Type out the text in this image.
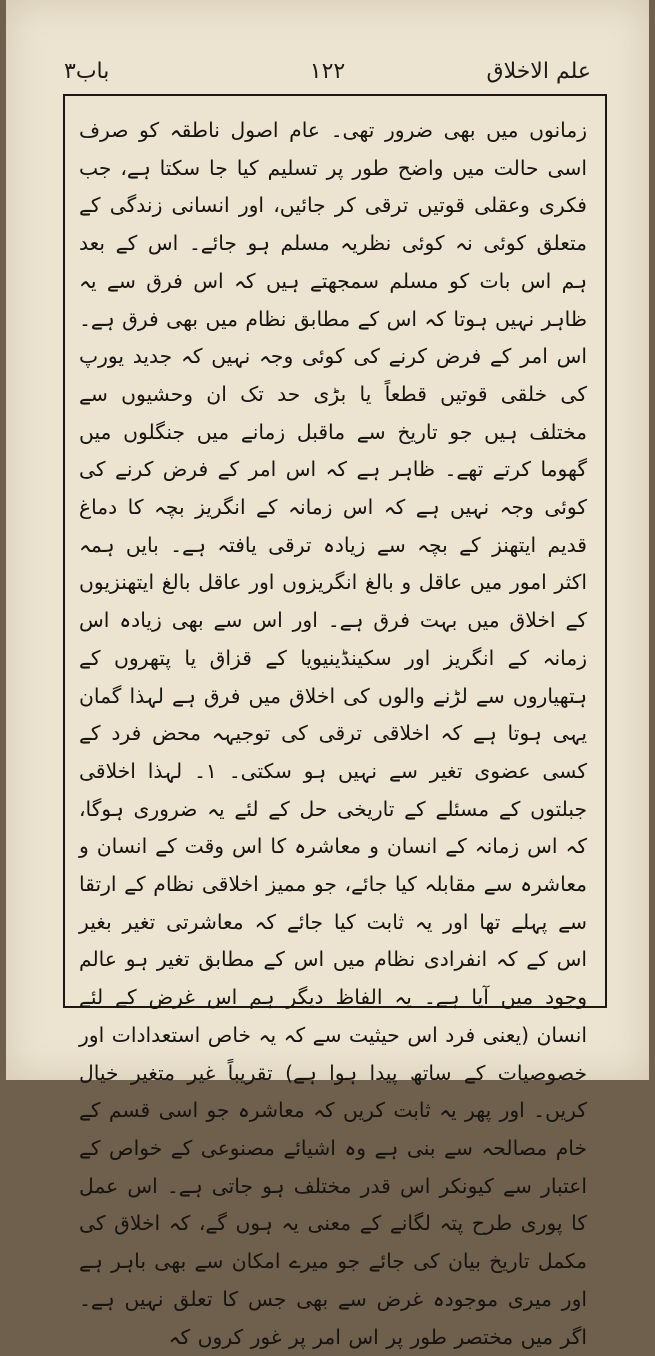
باب۳	۱۲۲	علم الاخلاق

زمانوں میں بھی ضرور تھی۔ عام اصول ناطقہ کو صرف اسی حالت میں واضح طور پر تسلیم کیا جا سکتا ہے، جب فکری وعقلی قوتیں ترقی کر جائیں، اور انسانی زندگی کے متعلق کوئی نہ کوئی نظریہ مسلم ہو جائے۔ اس کے بعد ہم اس بات کو مسلم سمجھتے ہیں کہ اس فرق سے یہ ظاہر نہیں ہوتا کہ اس کے مطابق نظام میں بھی فرق ہے۔ اس امر کے فرض کرنے کی کوئی وجہ نہیں کہ جدید یورپ کی خلقی قوتیں قطعاً یا بڑی حد تک ان وحشیوں سے مختلف ہیں جو تاریخ سے ماقبل زمانے میں جنگلوں میں گھوما کرتے تھے۔ ظاہر ہے کہ اس امر کے فرض کرنے کی کوئی وجہ نہیں ہے کہ اس زمانہ کے انگریز بچہ کا دماغ قدیم ایتھنز کے بچہ سے زیادہ ترقی یافتہ ہے۔ بایں ہمہ اکثر امور میں عاقل و بالغ انگریزوں اور عاقل بالغ ایتھنزیوں کے اخلاق میں بہت فرق ہے۔ اور اس سے بھی زیادہ اس زمانہ کے انگریز اور سکینڈینیویا کے قزاق یا پتھروں کے ہتھیاروں سے لڑنے والوں کی اخلاق میں فرق ہے لہذا گمان یہی ہوتا ہے کہ اخلاقی ترقی کی توجیہہ محض فرد کے کسی عضوی تغیر سے نہیں ہو سکتی۔ ۱۔ لہذا اخلاقی جبلتوں کے مسئلے کے تاریخی حل کے لئے یہ ضروری ہوگا، کہ اس زمانہ کے انسان و معاشرہ کا اس وقت کے انسان و معاشرہ سے مقابلہ کیا جائے، جو ممیز اخلاقی نظام کے ارتقا سے پہلے تھا اور یہ ثابت کیا جائے کہ معاشرتی تغیر بغیر اس کے کہ انفرادی نظام میں اس کے مطابق تغیر ہو عالم وجود میں آیا ہے۔ یہ الفاظ دیگر ہم اس غرض کے لئے انسان (یعنی فرد اس حیثیت سے کہ یہ خاص استعدادات اور خصوصیات کے ساتھ پیدا ہوا ہے) تقریباً غیر متغیر خیال کریں۔ اور پھر یہ ثابت کریں کہ معاشرہ جو اسی قسم کے خام مصالحہ سے بنی ہے وہ اشیائے مصنوعی کے خواص کے اعتبار سے کیونکر اس قدر مختلف ہو جاتی ہے۔ اس عمل کا پوری طرح پتہ لگانے کے معنی یہ ہوں گے، کہ اخلاق کی مکمل تاریخ بیان کی جائے جو میرے امکان سے بھی باہر ہے اور میری موجودہ غرض سے بھی جس کا تعلق نہیں ہے۔ اگر میں مختصر طور پر اس امر پر غور کروں کہ
